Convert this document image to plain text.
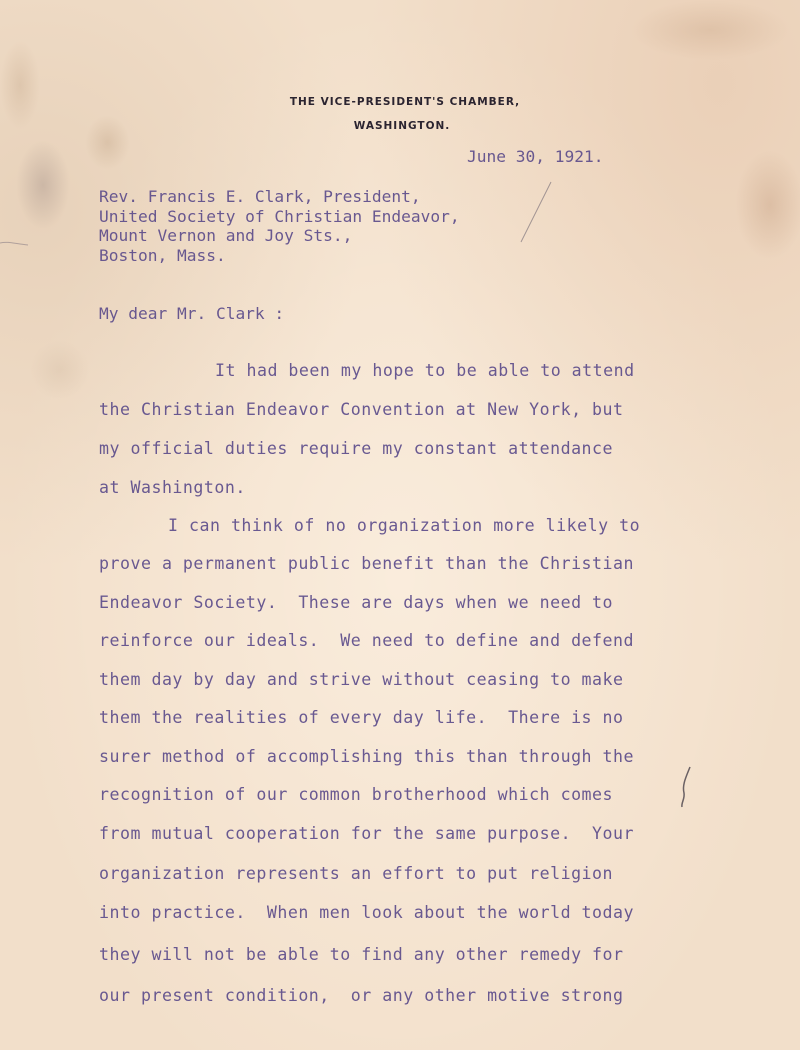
THE VICE-PRESIDENT'S CHAMBER,
WASHINGTON.
June 30, 1921.
Rev. Francis E. Clark, President,
United Society of Christian Endeavor,
Mount Vernon and Joy Sts.,
Boston, Mass.
My dear Mr. Clark :
It had been my hope to be able to attend
the Christian Endeavor Convention at New York, but
my official duties require my constant attendance
at Washington.
I can think of no organization more likely to
prove a permanent public benefit than the Christian
Endeavor Society.  These are days when we need to
reinforce our ideals.  We need to define and defend
them day by day and strive without ceasing to make
them the realities of every day life.  There is no
surer method of accomplishing this than through the
recognition of our common brotherhood which comes
from mutual cooperation for the same purpose.  Your
organization represents an effort to put religion
into practice.  When men look about the world today
they will not be able to find any other remedy for
our present condition,  or any other motive strong
